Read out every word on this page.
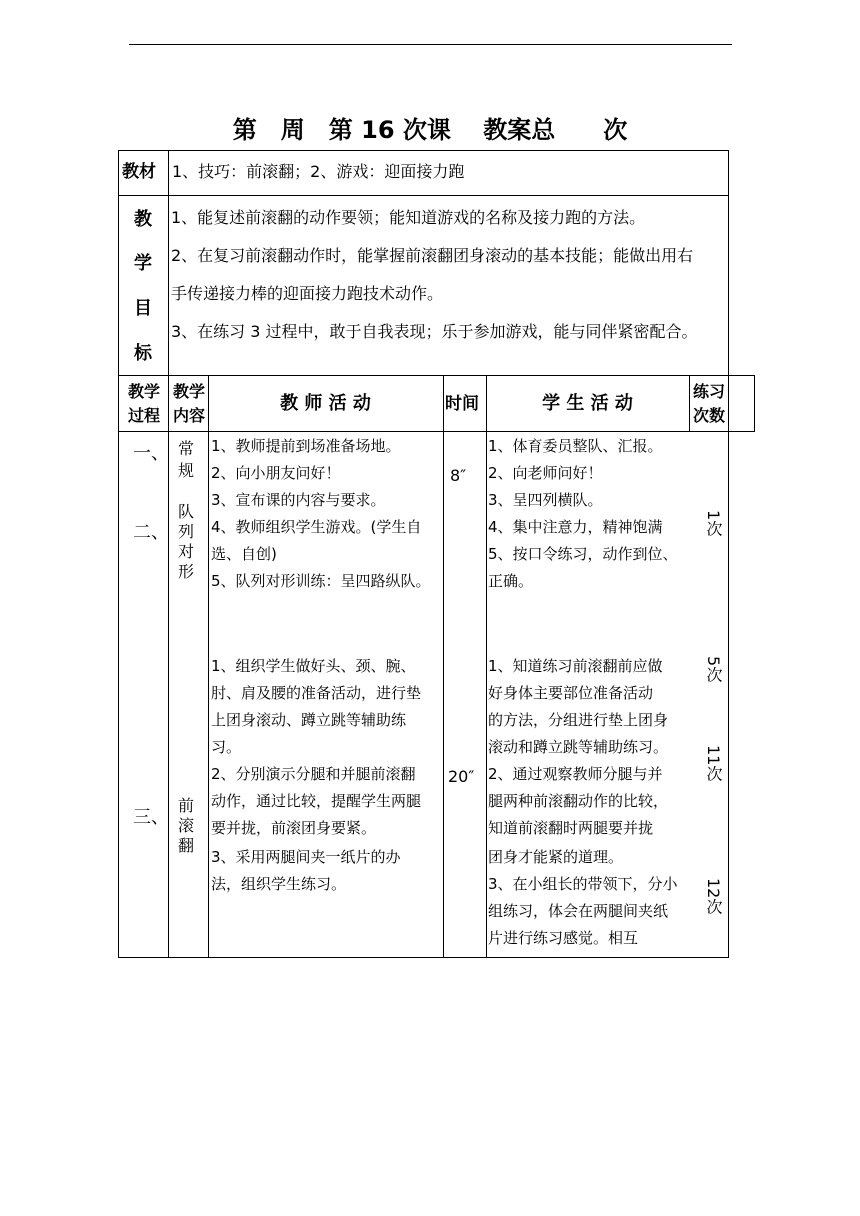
第　周　第 16 次课　 教案总　　次
教材 1、技巧：前滚翻；2、游戏：迎面接力跑
教
学
目
标
1、能复述前滚翻的动作要领；能知道游戏的名称及接力跑的方法。
2、在复习前滚翻动作时，能掌握前滚翻团身滚动的基本技能；能做出用右
手传递接力棒的迎面接力跑技术动作。
3、在练习 3 过程中，敢于自我表现；乐于参加游戏，能与同伴紧密配合。
教学过程
教学内容
教 师 活 动	时间	学 生 活 动
练习次数
一、
二、
常
规
队
列
对
形
1、教师提前到场准备场地。
2、向小朋友问好！
3、宣布课的内容与要求。
4、教师组织学生游戏。(学生自
选、自创)
5、队列对形训练：呈四路纵队。
8″
1、体育委员整队、汇报。
2、向老师问好！
3、呈四列横队。
4、集中注意力，精神饱满
5、按口令练习，动作到位、
正确。
1次
三、
前
滚
翻
1、组织学生做好头、颈、腕、
肘、肩及腰的准备活动，进行垫
上团身滚动、蹲立跳等辅助练
习。
2、分别演示分腿和并腿前滚翻
动作，通过比较，提醒学生两腿
要并拢，前滚团身要紧。
3、采用两腿间夹一纸片的办
法，组织学生练习。
20″
1、知道练习前滚翻前应做
好身体主要部位准备活动
的方法，分组进行垫上团身
滚动和蹲立跳等辅助练习。
2、通过观察教师分腿与并
腿两种前滚翻动作的比较，
知道前滚翻时两腿要并拢
团身才能紧的道理。
3、在小组长的带领下，分小
组练习，体会在两腿间夹纸
片进行练习感觉。相互
5次
11次
12次
